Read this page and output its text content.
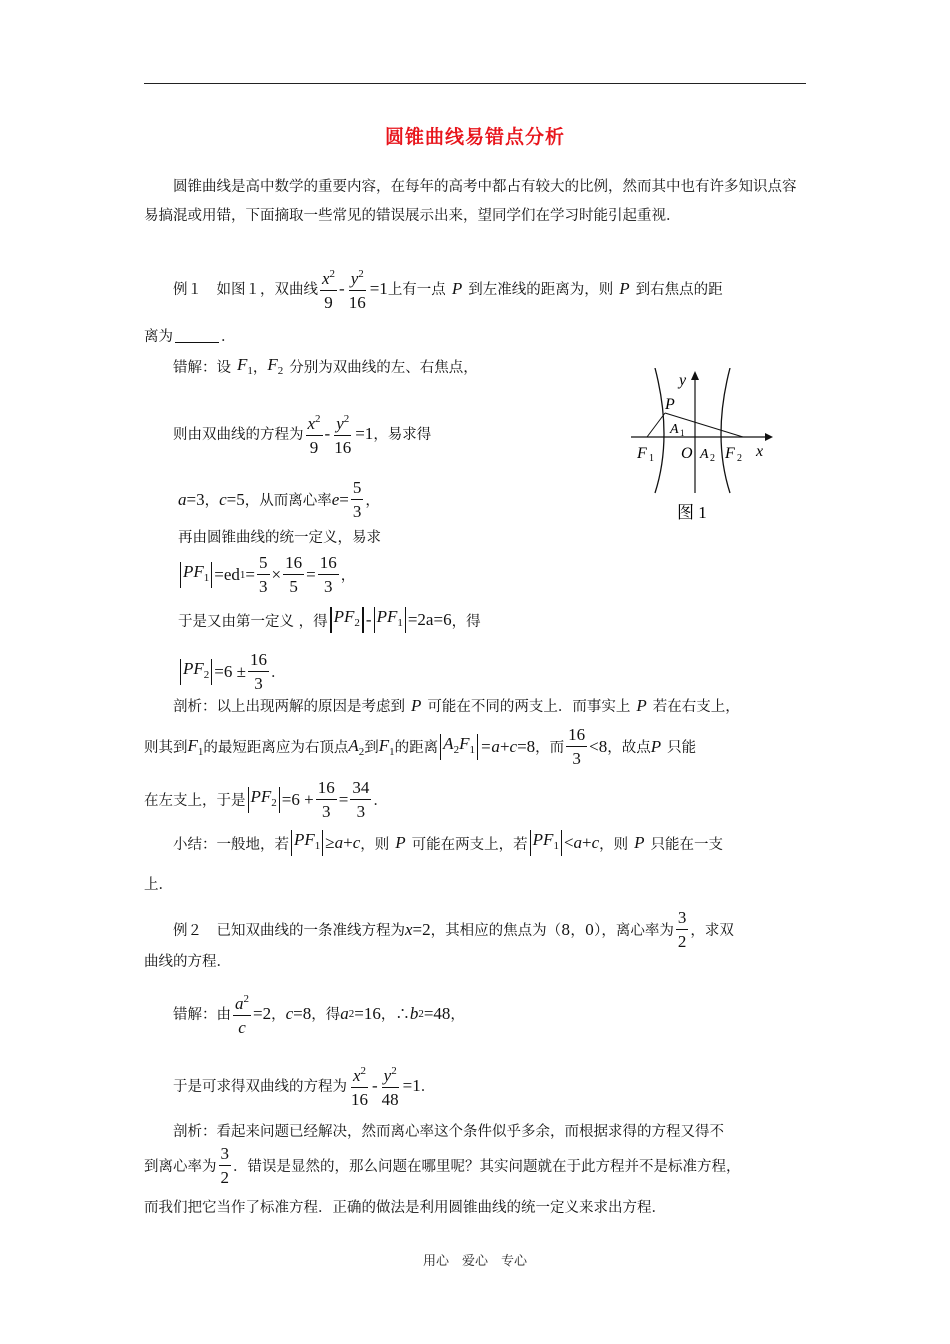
圆锥曲线易错点分析
圆锥曲线是高中数学的重要内容，在每年的高考中都占有较大的比例，然而其中也有许多知识点容易搞混或用错，下面摘取一些常见的错误展示出来，望同学们在学习时能引起重视．
例１　如图１，双曲线 $\frac{x^2}{9} - \frac{y^2}{16} =1$ 上有一点 P 到左准线的距离为，则 P 到右焦点的距
离为	．
错解：设 $F_1$ ， $F_2$ 分别为双曲线的左、右焦点，
则由双曲线的方程为 $\frac{x^2}{9} - \frac{y^2}{16} =1$ ，易求得
a =3 ， c =5 ，从而离心率 $e = \frac{5}{3}$ ，
再由圆锥曲线的统一定义，易求
$PF_1 =ed$ $1 = \frac{5}{3} \times \frac{16}{5} = \frac{16}{3}$ ，
于是又由第一定义 ，得 $PF_2 - PF_1 =2a =6$ ，得
$PF_2 =6 \pm \frac{16}{3}$ ．
剖析：以上出现两解的原因是考虑到 P 可能在不同的两支上．而事实上 P 若在右支上，
则其到 $F_1$ 的最短距离应为右顶点 $A_2$ 到 $F_1$ 的距离 $A_2F_1 =a + c =8$ ，而 $\frac{16}{3} < 8$ ，故点 P 只能
在左支上，于是 $PF_2 =6 + \frac{16}{3} = \frac{34}{3}$ ．
小结：一般地，若 $PF_1 \ge a + c$ ，则 P 可能在两支上，若 $PF_1 < a + c$ ，则 P 只能在一支
上．
例２　已知双曲线的一条准线方程为 x =2 ，其相应的焦点为（8，0），离心率为 $\frac{3}{2}$ ，求双
曲线的方程．
错解：由 $\frac{a^2}{c} =2$ ， c =8 ，得 a 2 =16 ，∴ b 2 =48 ，
于是可求得双曲线的方程为 $\frac{x^2}{16} - \frac{y^2}{48} =1$ ．
剖析：看起来问题已经解决，然而离心率这个条件似乎多余，而根据求得的方程又得不
到离心率为 $\frac{3}{2}$ ．错误是显然的，那么问题在哪里呢？其实问题就在于此方程并不是标准方程，
而我们把它当作了标准方程．正确的做法是利用圆锥曲线的统一定义来求出方程．
P
A 1
F 1 O A 2 F 2 x
y
图 1
用心　爱心　专心
